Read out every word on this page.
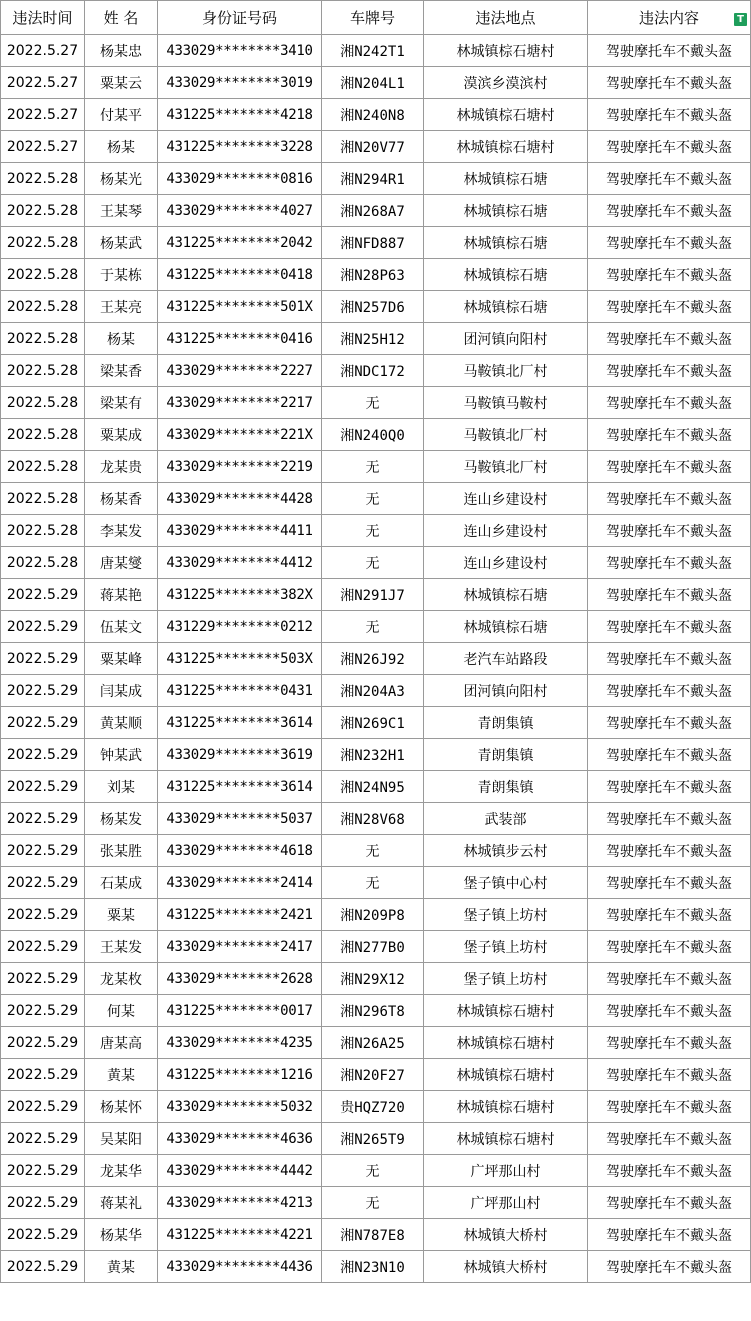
违法时间	姓 名	身份证号码	车牌号	违法地点	违法内容 T

2022.5.27	杨某忠	433029********3410	湘N242T1	林城镇棕石塘村	驾驶摩托车不戴头盔
2022.5.27	粟某云	433029********3019	湘N204L1	漠滨乡漠滨村	驾驶摩托车不戴头盔
2022.5.27	付某平	431225********4218	湘N240N8	林城镇棕石塘村	驾驶摩托车不戴头盔
2022.5.27	杨某	431225********3228	湘N20V77	林城镇棕石塘村	驾驶摩托车不戴头盔
2022.5.28	杨某光	433029********0816	湘N294R1	林城镇棕石塘	驾驶摩托车不戴头盔
2022.5.28	王某琴	433029********4027	湘N268A7	林城镇棕石塘	驾驶摩托车不戴头盔
2022.5.28	杨某武	431225********2042	湘NFD887	林城镇棕石塘	驾驶摩托车不戴头盔
2022.5.28	于某栋	431225********0418	湘N28P63	林城镇棕石塘	驾驶摩托车不戴头盔
2022.5.28	王某亮	431225********501X	湘N257D6	林城镇棕石塘	驾驶摩托车不戴头盔
2022.5.28	杨某	431225********0416	湘N25H12	团河镇向阳村	驾驶摩托车不戴头盔
2022.5.28	梁某香	433029********2227	湘NDC172	马鞍镇北厂村	驾驶摩托车不戴头盔
2022.5.28	梁某有	433029********2217	无	马鞍镇马鞍村	驾驶摩托车不戴头盔
2022.5.28	粟某成	433029********221X	湘N240Q0	马鞍镇北厂村	驾驶摩托车不戴头盔
2022.5.28	龙某贵	433029********2219	无	马鞍镇北厂村	驾驶摩托车不戴头盔
2022.5.28	杨某香	433029********4428	无	连山乡建设村	驾驶摩托车不戴头盔
2022.5.28	李某发	433029********4411	无	连山乡建设村	驾驶摩托车不戴头盔
2022.5.28	唐某燮	433029********4412	无	连山乡建设村	驾驶摩托车不戴头盔
2022.5.29	蒋某艳	431225********382X	湘N291J7	林城镇棕石塘	驾驶摩托车不戴头盔
2022.5.29	伍某文	431229********0212	无	林城镇棕石塘	驾驶摩托车不戴头盔
2022.5.29	粟某峰	431225********503X	湘N26J92	老汽车站路段	驾驶摩托车不戴头盔
2022.5.29	闫某成	431225********0431	湘N204A3	团河镇向阳村	驾驶摩托车不戴头盔
2022.5.29	黄某顺	431225********3614	湘N269C1	青朗集镇	驾驶摩托车不戴头盔
2022.5.29	钟某武	433029********3619	湘N232H1	青朗集镇	驾驶摩托车不戴头盔
2022.5.29	刘某	431225********3614	湘N24N95	青朗集镇	驾驶摩托车不戴头盔
2022.5.29	杨某发	433029********5037	湘N28V68	武装部	驾驶摩托车不戴头盔
2022.5.29	张某胜	433029********4618	无	林城镇步云村	驾驶摩托车不戴头盔
2022.5.29	石某成	433029********2414	无	堡子镇中心村	驾驶摩托车不戴头盔
2022.5.29	粟某	431225********2421	湘N209P8	堡子镇上坊村	驾驶摩托车不戴头盔
2022.5.29	王某发	433029********2417	湘N277B0	堡子镇上坊村	驾驶摩托车不戴头盔
2022.5.29	龙某枚	433029********2628	湘N29X12	堡子镇上坊村	驾驶摩托车不戴头盔
2022.5.29	何某	431225********0017	湘N296T8	林城镇棕石塘村	驾驶摩托车不戴头盔
2022.5.29	唐某高	433029********4235	湘N26A25	林城镇棕石塘村	驾驶摩托车不戴头盔
2022.5.29	黄某	431225********1216	湘N20F27	林城镇棕石塘村	驾驶摩托车不戴头盔
2022.5.29	杨某怀	433029********5032	贵HQZ720	林城镇棕石塘村	驾驶摩托车不戴头盔
2022.5.29	吴某阳	433029********4636	湘N265T9	林城镇棕石塘村	驾驶摩托车不戴头盔
2022.5.29	龙某华	433029********4442	无	广坪那山村	驾驶摩托车不戴头盔
2022.5.29	蒋某礼	433029********4213	无	广坪那山村	驾驶摩托车不戴头盔
2022.5.29	杨某华	431225********4221	湘N787E8	林城镇大桥村	驾驶摩托车不戴头盔
2022.5.29	黄某	433029********4436	湘N23N10	林城镇大桥村	驾驶摩托车不戴头盔
